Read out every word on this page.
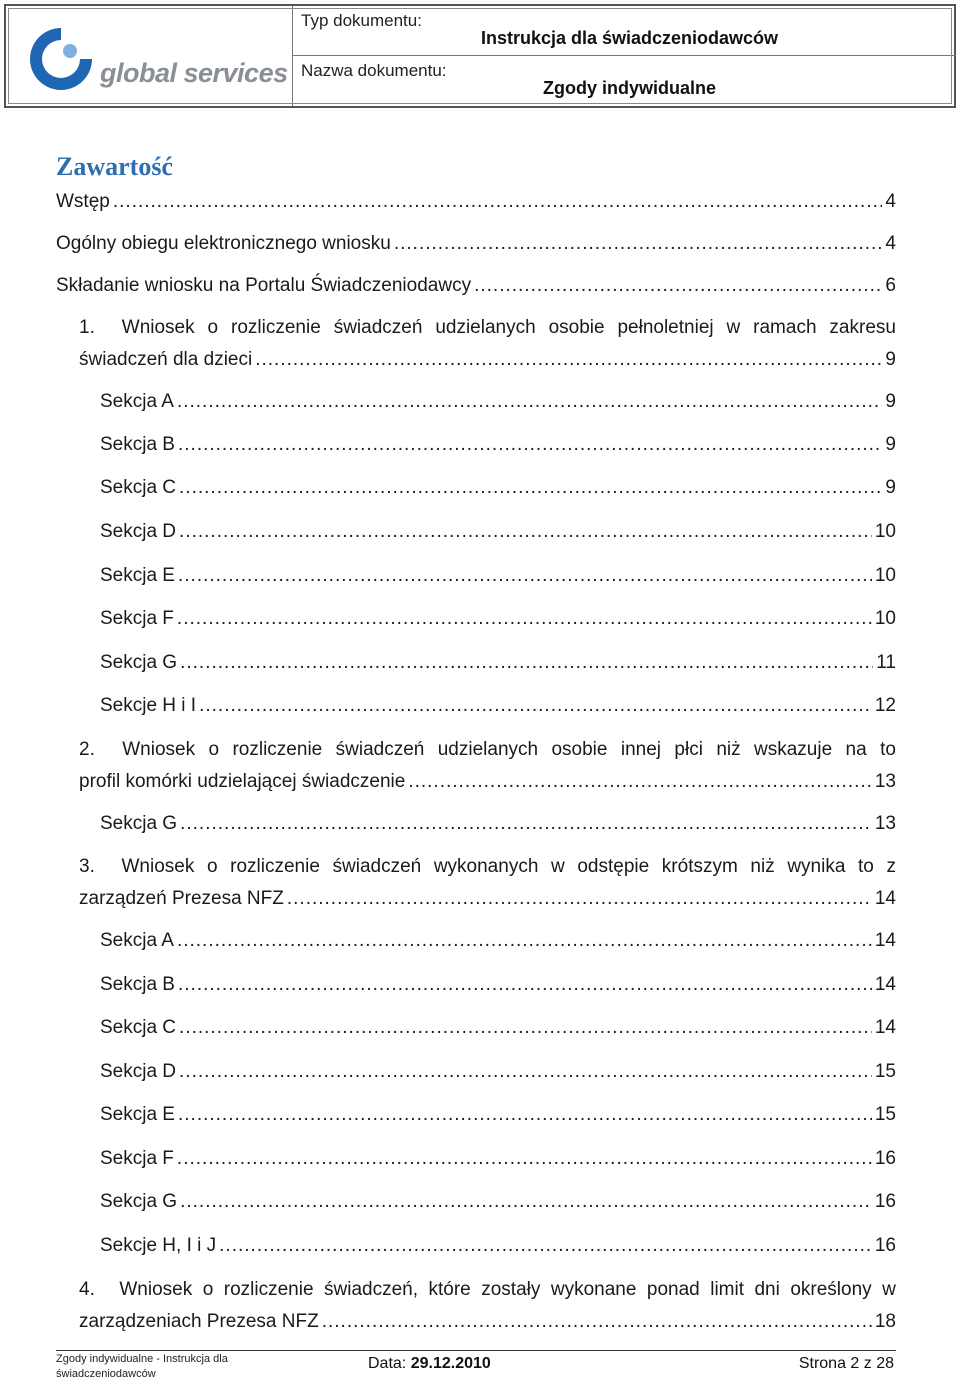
global services
Typ dokumentu:
Instrukcja dla świadczeniodawców
Nazwa dokumentu:
Zgody indywidualne
Zawartość
Wstęp .....	4
Ogólny obiegu elektronicznego wniosku .....	4
Składanie wniosku na Portalu Świadczeniodawcy .....	6
1. Wniosek o rozliczenie świadczeń udzielanych osobie pełnoletniej w ramach zakresu
świadczeń dla dzieci .....	9
Sekcja A .....	9
Sekcja B .....	9
Sekcja C .....	9
Sekcja D .....	10
Sekcja E .....	10
Sekcja F .....	10
Sekcja G .....	11
Sekcje H i I .....	12
2. Wniosek o rozliczenie świadczeń udzielanych osobie innej płci niż wskazuje na to
profil komórki udzielającej świadczenie .....	13
Sekcja G .....	13
3. Wniosek o rozliczenie świadczeń wykonanych w odstępie krótszym niż wynika to z
zarządzeń Prezesa NFZ .....	14
Sekcja A .....	14
Sekcja B .....	14
Sekcja C .....	14
Sekcja D .....	15
Sekcja E .....	15
Sekcja F .....	16
Sekcja G .....	16
Sekcje H, I i J .....	16
4. Wniosek o rozliczenie świadczeń, które zostały wykonane ponad limit dni określony w
zarządzeniach Prezesa NFZ .....	18
Zgody indywidualne - Instrukcja dla świadczeniodawców
Data: 29.12.2010	Strona 2 z 28
